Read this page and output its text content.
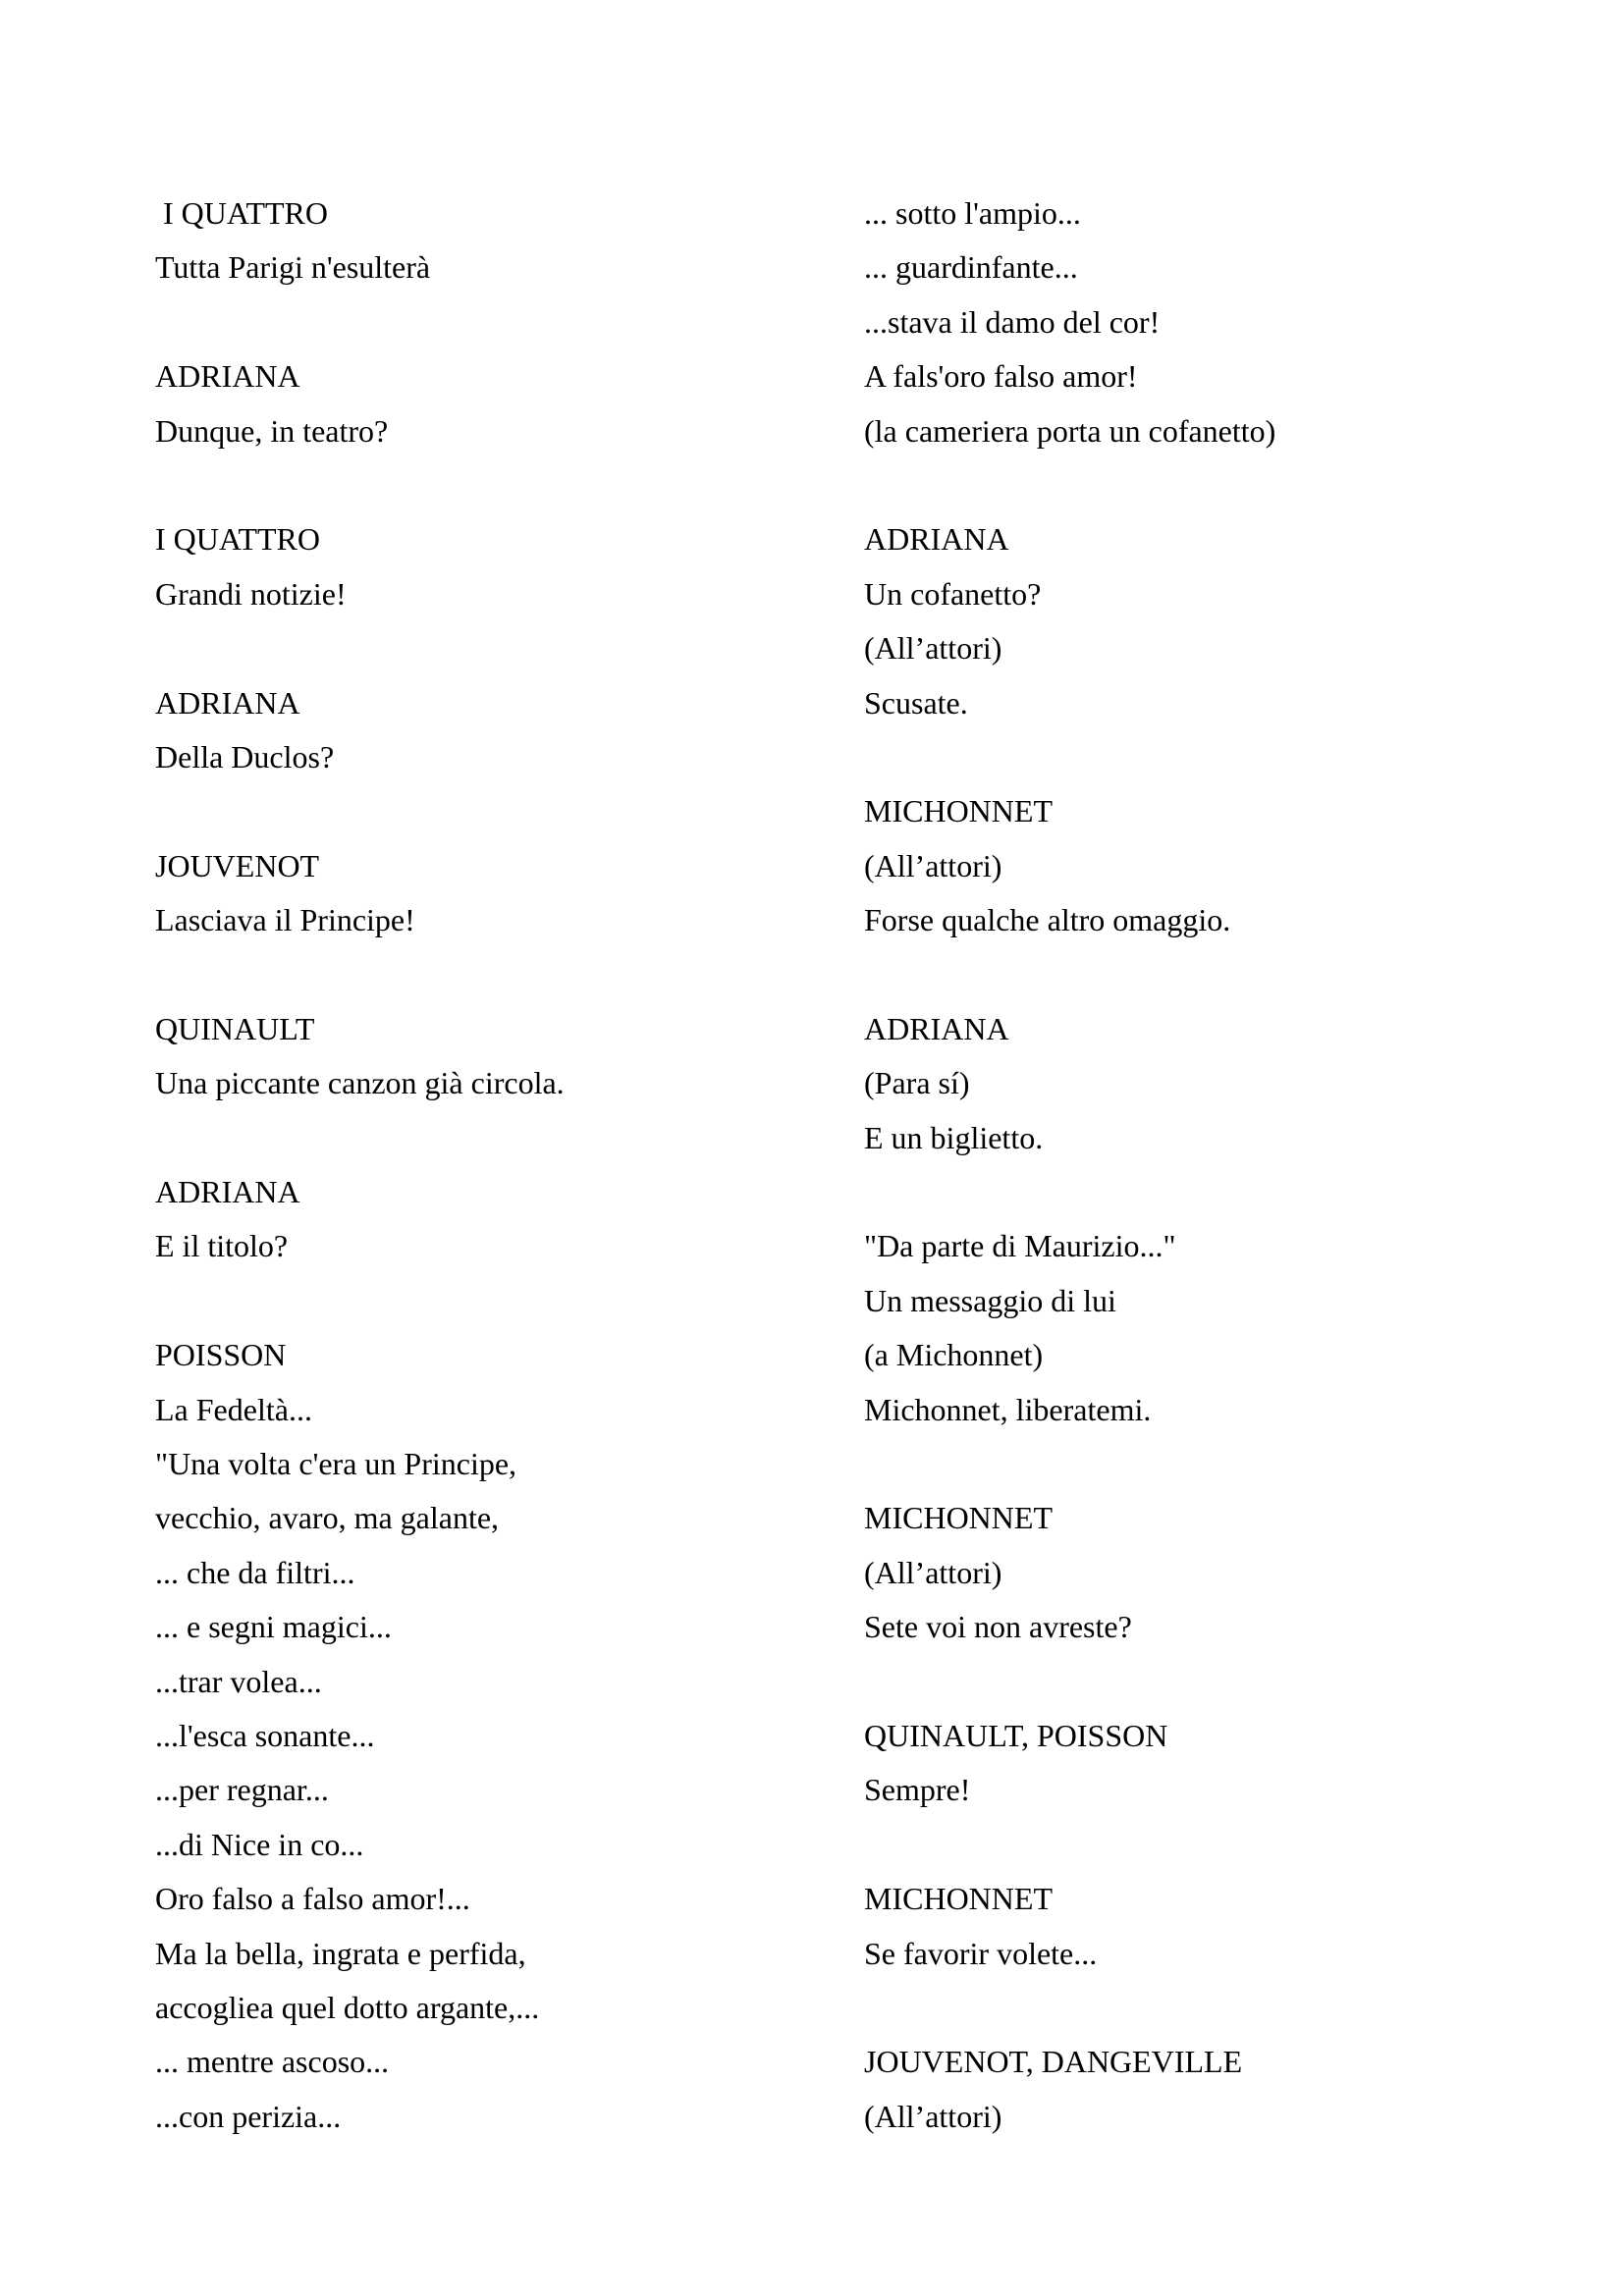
I QUATTRO
Tutta Parigi n'esulterà
ADRIANA
Dunque, in teatro?
I QUATTRO
Grandi notizie!
ADRIANA
Della Duclos?
JOUVENOT
Lasciava il Principe!
QUINAULT
Una piccante canzon già circola.
ADRIANA
E il titolo?
POISSON
La Fedeltà...
"Una volta c'era un Principe,
vecchio, avaro, ma galante,
... che da filtri...
... e segni magici...
...trar volea...
...l'esca sonante...
...per regnar...
...di Nice in co...
Oro falso a falso amor!...
Ma la bella, ingrata e perfida,
accogliea quel dotto argante,...
... mentre ascoso...
...con perizia...
... sotto l'ampio...
... guardinfante...
...stava il damo del cor!
A fals'oro falso amor!
(la cameriera porta un cofanetto)
ADRIANA
Un cofanetto?
(All’attori)
Scusate.
MICHONNET
(All’attori)
Forse qualche altro omaggio.
ADRIANA
(Para sí)
E un biglietto.
"Da parte di Maurizio..."
Un messaggio di lui
(a Michonnet)
Michonnet, liberatemi.
MICHONNET
(All’attori)
Sete voi non avreste?
QUINAULT, POISSON
Sempre!
MICHONNET
Se favorir volete...
JOUVENOT, DANGEVILLE
(All’attori)
